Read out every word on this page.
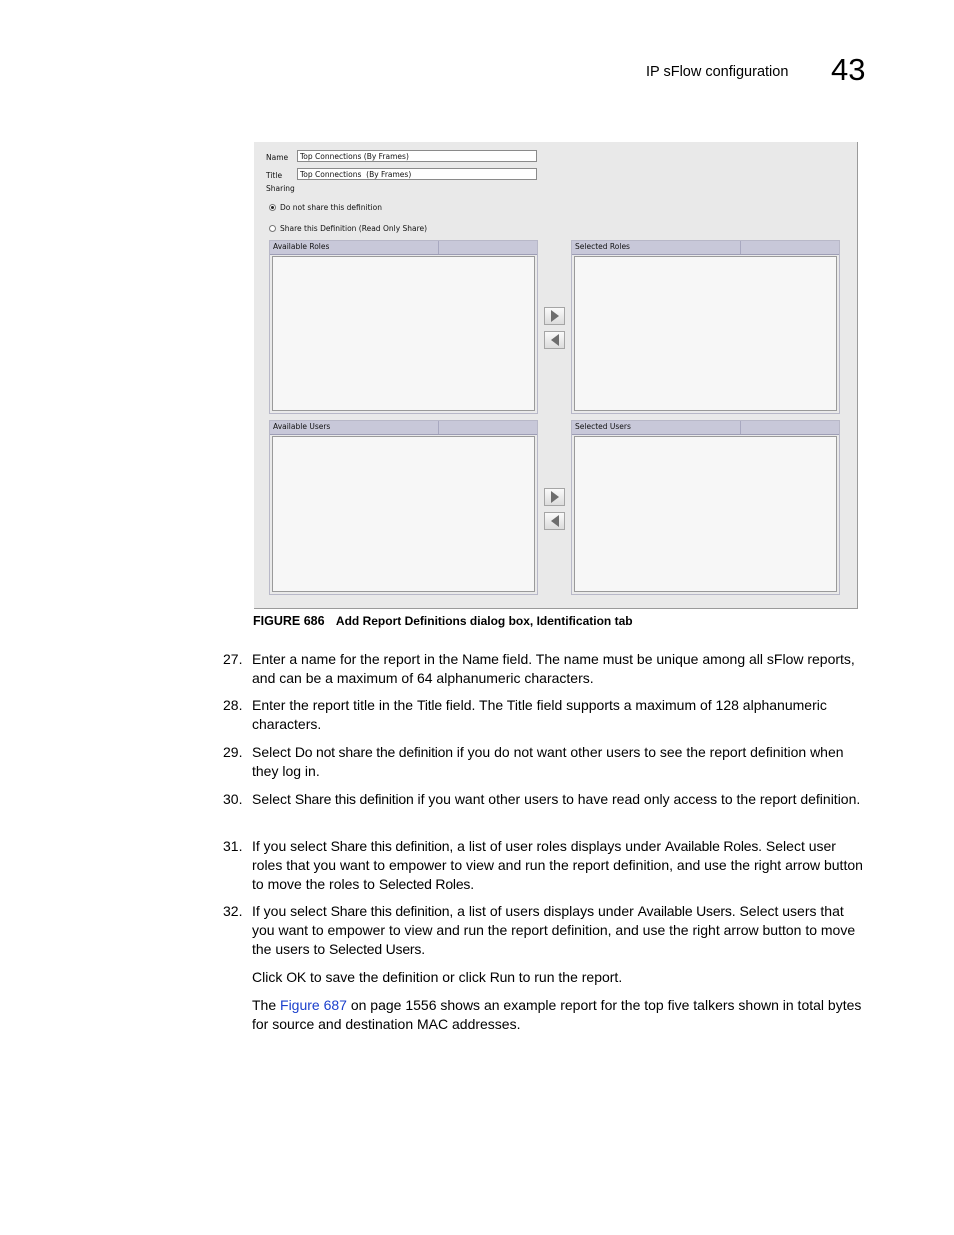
IP sFlow configuration 43
Name
Top Connections (By Frames)
Title
Top Connections (By Frames)
Sharing
Do not share this definition
Share this Definition (Read Only Share)
Available Roles	Selected Roles
Available Users	Selected Users
FIGURE 686 Add Report Definitions dialog box, Identification tab
27. Enter a name for the report in the Name field. The name must be unique among all sFlow reports, and can be a maximum of 64 alphanumeric characters.
28. Enter the report title in the Title field. The Title field supports a maximum of 128 alphanumeric characters.
29. Select Do not share the definition if you do not want other users to see the report definition when they log in.
30. Select Share this definition if you want other users to have read only access to the report definition.
31. If you select Share this definition, a list of user roles displays under Available Roles. Select user roles that you want to empower to view and run the report definition, and use the right arrow button to move the roles to Selected Roles.
32. If you select Share this definition, a list of users displays under Available Users. Select users that you want to empower to view and run the report definition, and use the right arrow button to move the users to Selected Users.
Click OK to save the definition or click Run to run the report.
The Figure 687 on page 1556 shows an example report for the top five talkers shown in total bytes for source and destination MAC addresses.
